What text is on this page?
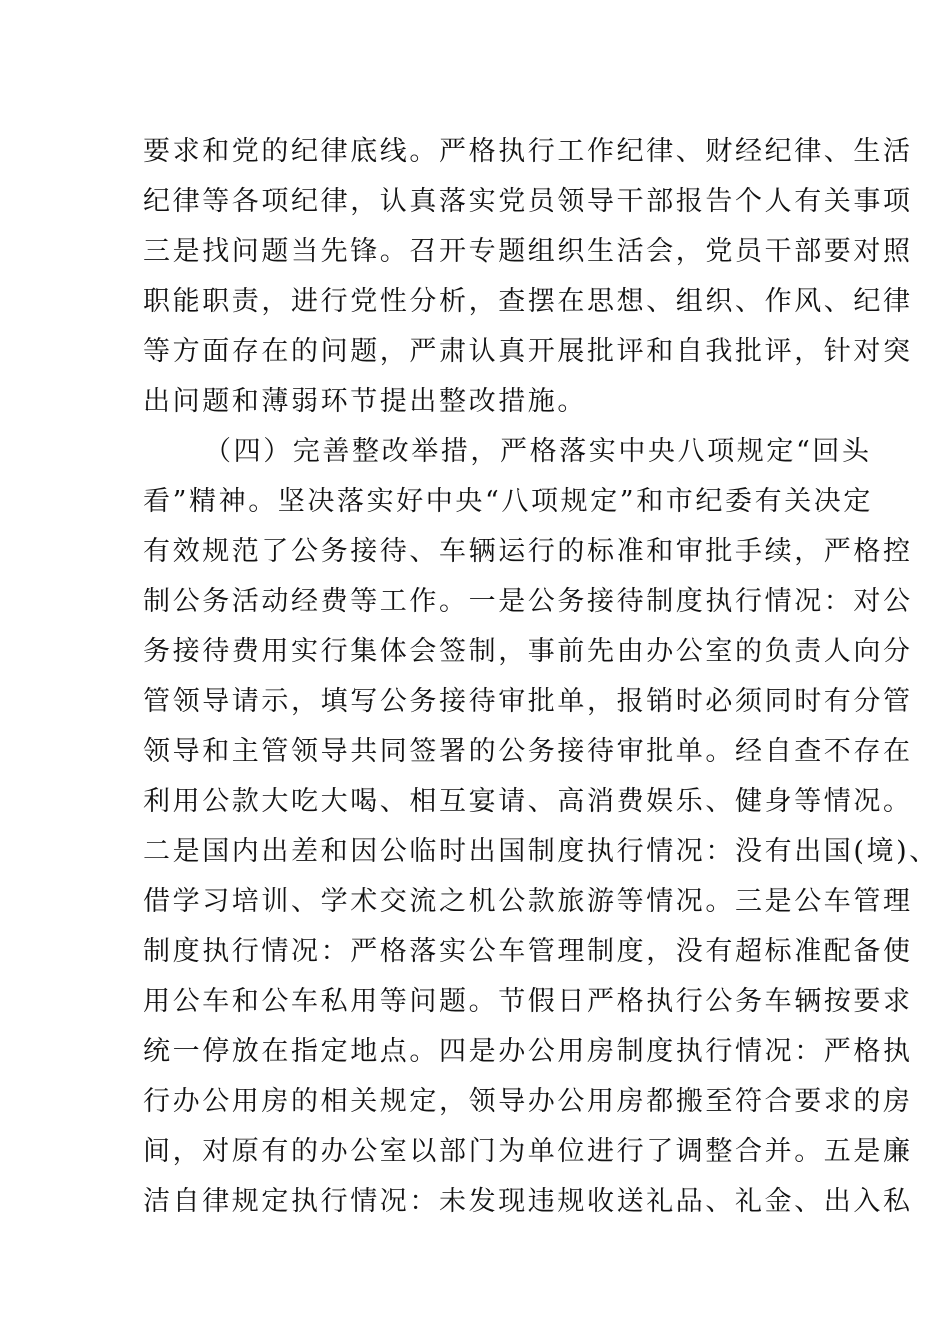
要求和党的纪律底线。严格执行工作纪律、财经纪律、生活
纪律等各项纪律，认真落实党员领导干部报告个人有关事项
三是找问题当先锋。召开专题组织生活会，党员干部要对照
职能职责，进行党性分析，查摆在思想、组织、作风、纪律
等方面存在的问题，严肃认真开展批评和自我批评，针对突
出问题和薄弱环节提出整改措施。
（四）完善整改举措，严格落实中央八项规定“回头
看”精神。坚决落实好中央“八项规定”和市纪委有关决定
有效规范了公务接待、车辆运行的标准和审批手续，严格控
制公务活动经费等工作。一是公务接待制度执行情况：对公
务接待费用实行集体会签制，事前先由办公室的负责人向分
管领导请示，填写公务接待审批单，报销时必须同时有分管
领导和主管领导共同签署的公务接待审批单。经自查不存在
利用公款大吃大喝、相互宴请、高消费娱乐、健身等情况。
二是国内出差和因公临时出国制度执行情况：没有出国(境)、
借学习培训、学术交流之机公款旅游等情况。三是公车管理
制度执行情况：严格落实公车管理制度，没有超标准配备使
用公车和公车私用等问题。节假日严格执行公务车辆按要求
统一停放在指定地点。四是办公用房制度执行情况：严格执
行办公用房的相关规定，领导办公用房都搬至符合要求的房
间，对原有的办公室以部门为单位进行了调整合并。五是廉
洁自律规定执行情况：未发现违规收送礼品、礼金、出入私
